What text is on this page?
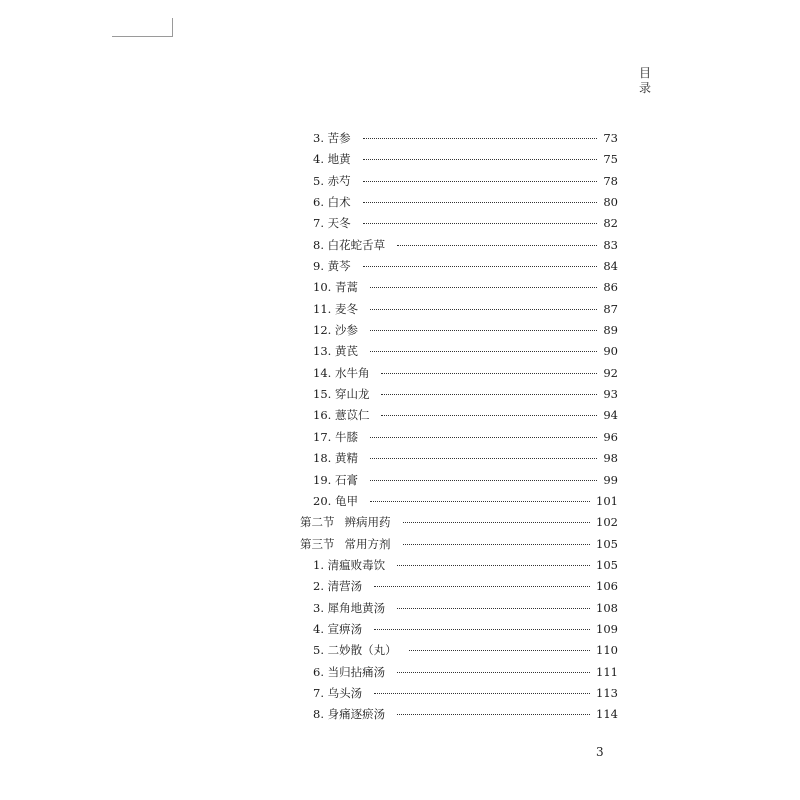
目
录
3. 苦参	73
4. 地黄	75
5. 赤芍	78
6. 白术	80
7. 天冬	82
8. 白花蛇舌草	83
9. 黄芩	84
10. 青蒿	86
11. 麦冬	87
12. 沙参	89
13. 黄芪	90
14. 水牛角	92
15. 穿山龙	93
16. 薏苡仁	94
17. 牛膝	96
18. 黄精	98
19. 石膏	99
20. 龟甲	101
第二节 辨病用药	102
第三节 常用方剂	105
1. 清瘟败毒饮	105
2. 清营汤	106
3. 犀角地黄汤	108
4. 宣痹汤	109
5. 二妙散（丸）	110
6. 当归拈痛汤	111
7. 乌头汤	113
8. 身痛逐瘀汤	114
3
